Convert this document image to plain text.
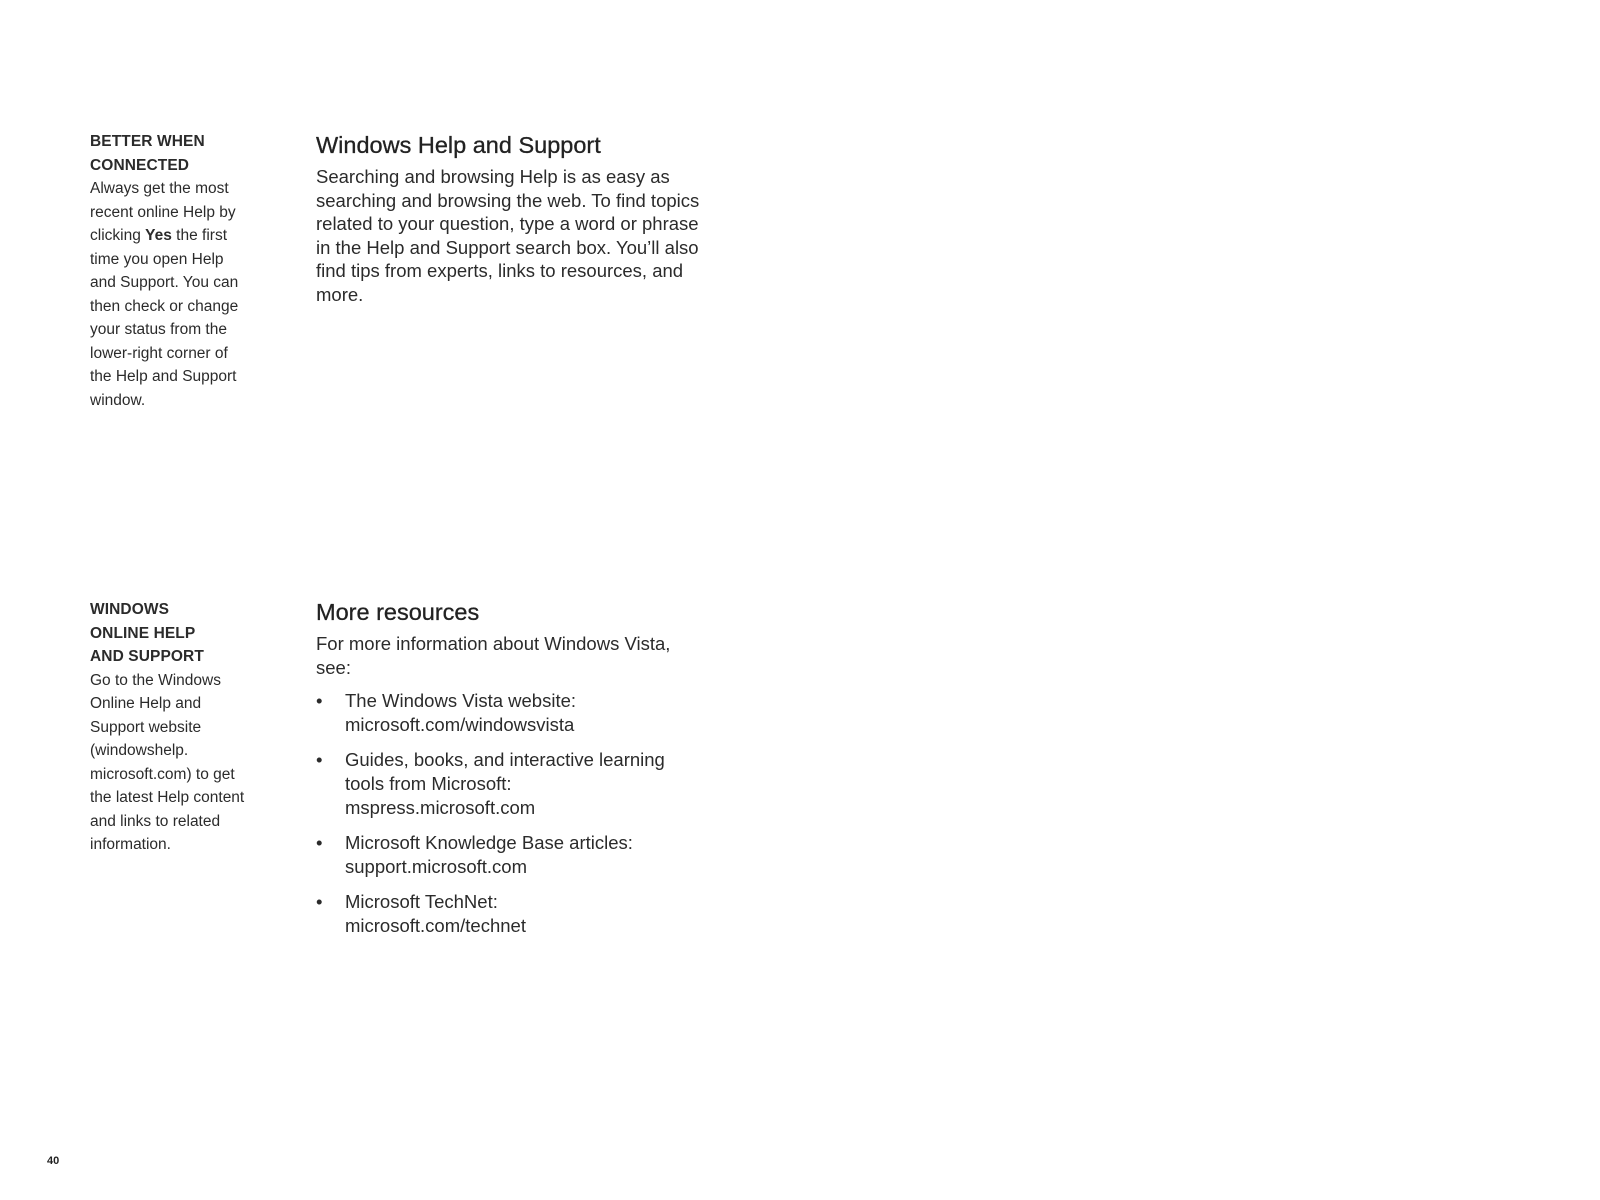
BETTER WHEN
CONNECTED
Always get the most recent online Help by clicking Yes the first time you open Help and Support. You can then check or change your status from the lower-right corner of the Help and Support window.
Windows Help and Support

Searching and browsing Help is as easy as searching and browsing the web. To find topics related to your question, type a word or phrase in the Help and Support search box. You’ll also find tips from experts, links to resources, and more.

WINDOWS
ONLINE HELP
AND SUPPORT
Go to the Windows Online Help and Support website (windowshelp. microsoft.com) to get the latest Help content and links to related information.
More resources

For more information about Windows Vista, see:

• The Windows Vista website:
microsoft.com/windowsvista
• Guides, books, and interactive learning tools from Microsoft:
mspress.microsoft.com
• Microsoft Knowledge Base articles:
support.microsoft.com
• Microsoft TechNet:
microsoft.com/technet
40
